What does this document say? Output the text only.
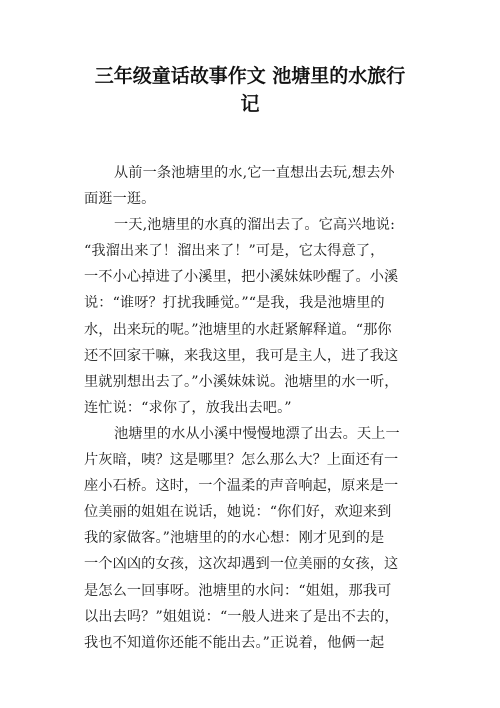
三年级童话故事作文 池塘里的水旅行
记

从前一条池塘里的水,它一直想出去玩,想去外
面逛一逛。

一天,池塘里的水真的溜出去了。它高兴地说:
“我溜出来了！溜出来了！”可是，它太得意了，
一不小心掉进了小溪里，把小溪妹妹吵醒了。小溪
说：“谁呀？打扰我睡觉。”“是我，我是池塘里的
水，出来玩的呢。”池塘里的水赶紧解释道。“那你
还不回家干嘛，来我这里，我可是主人，进了我这
里就别想出去了。”小溪妹妹说。池塘里的水一听，
连忙说：“求你了，放我出去吧。”

池塘里的水从小溪中慢慢地漂了出去。天上一
片灰暗，咦？这是哪里？怎么那么大？上面还有一
座小石桥。这时，一个温柔的声音响起，原来是一
位美丽的姐姐在说话，她说：“你们好，欢迎来到
我的家做客。”池塘里的的水心想：刚才见到的是
一个凶凶的女孩，这次却遇到一位美丽的女孩，这
是怎么一回事呀。池塘里的水问：“姐姐，那我可
以出去吗？”姐姐说：“一般人进来了是出不去的，
我也不知道你还能不能出去。”正说着，他俩一起
